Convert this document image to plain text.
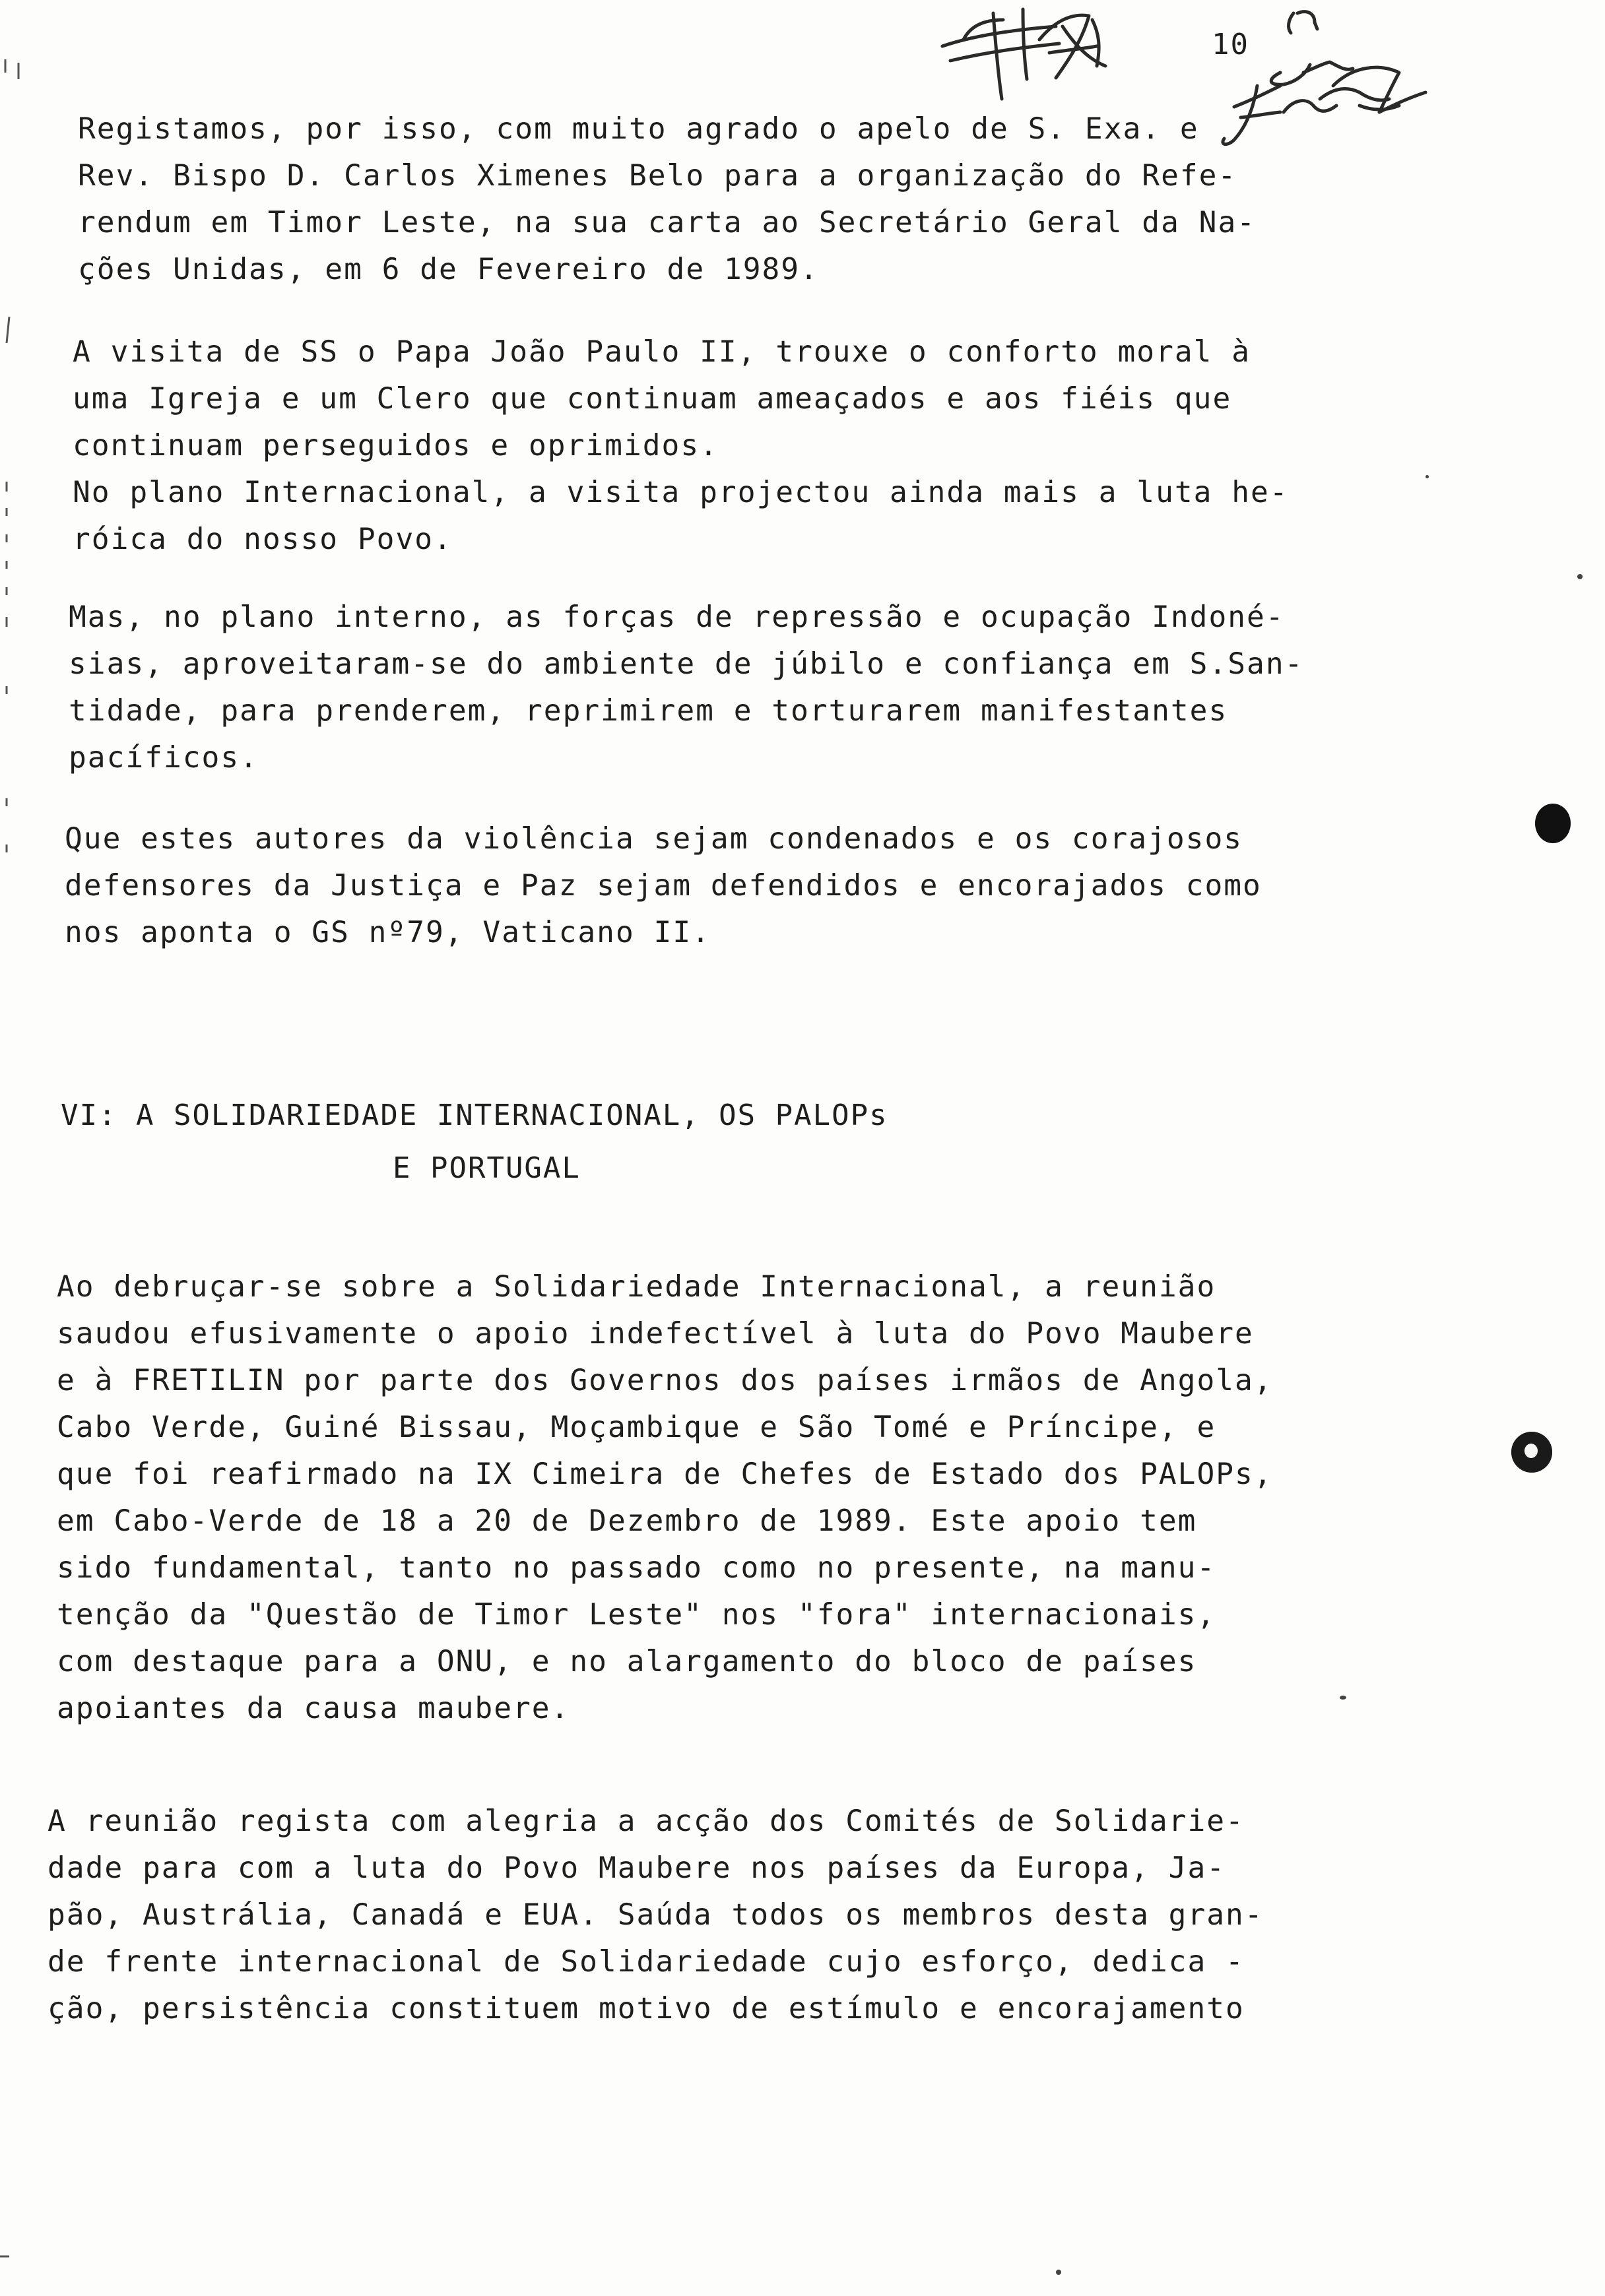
10

Registamos, por isso, com muito agrado o apelo de S. Exa. e
Rev. Bispo D. Carlos Ximenes Belo para a organização do Refe-
rendum em Timor Leste, na sua carta ao Secretário Geral da Na-
ções Unidas, em 6 de Fevereiro de 1989.

A visita de SS o Papa João Paulo II, trouxe o conforto moral à
uma Igreja e um Clero que continuam ameaçados e aos fiéis que
continuam perseguidos e oprimidos.
No plano Internacional, a visita projectou ainda mais a luta he-
róica do nosso Povo.

Mas, no plano interno, as forças de repressão e ocupação Indoné-
sias, aproveitaram-se do ambiente de júbilo e confiança em S.San-
tidade, para prenderem, reprimirem e torturarem manifestantes
pacíficos.

Que estes autores da violência sejam condenados e os corajosos
defensores da Justiça e Paz sejam defendidos e encorajados como
nos aponta o GS nº79, Vaticano II.

VI: A SOLIDARIEDADE INTERNACIONAL, OS PALOPs
E PORTUGAL

Ao debruçar-se sobre a Solidariedade Internacional, a reunião
saudou efusivamente o apoio indefectível à luta do Povo Maubere
e à FRETILIN por parte dos Governos dos países irmãos de Angola,
Cabo Verde, Guiné Bissau, Moçambique e São Tomé e Príncipe, e
que foi reafirmado na IX Cimeira de Chefes de Estado dos PALOPs,
em Cabo-Verde de 18 a 20 de Dezembro de 1989. Este apoio tem
sido fundamental, tanto no passado como no presente, na manu-
tenção da "Questão de Timor Leste" nos "fora" internacionais,
com destaque para a ONU, e no alargamento do bloco de países
apoiantes da causa maubere.

A reunião regista com alegria a acção dos Comités de Solidarie-
dade para com a luta do Povo Maubere nos países da Europa, Ja-
pão, Austrália, Canadá e EUA. Saúda todos os membros desta gran-
de frente internacional de Solidariedade cujo esforço, dedica -
ção, persistência constituem motivo de estímulo e encorajamento
